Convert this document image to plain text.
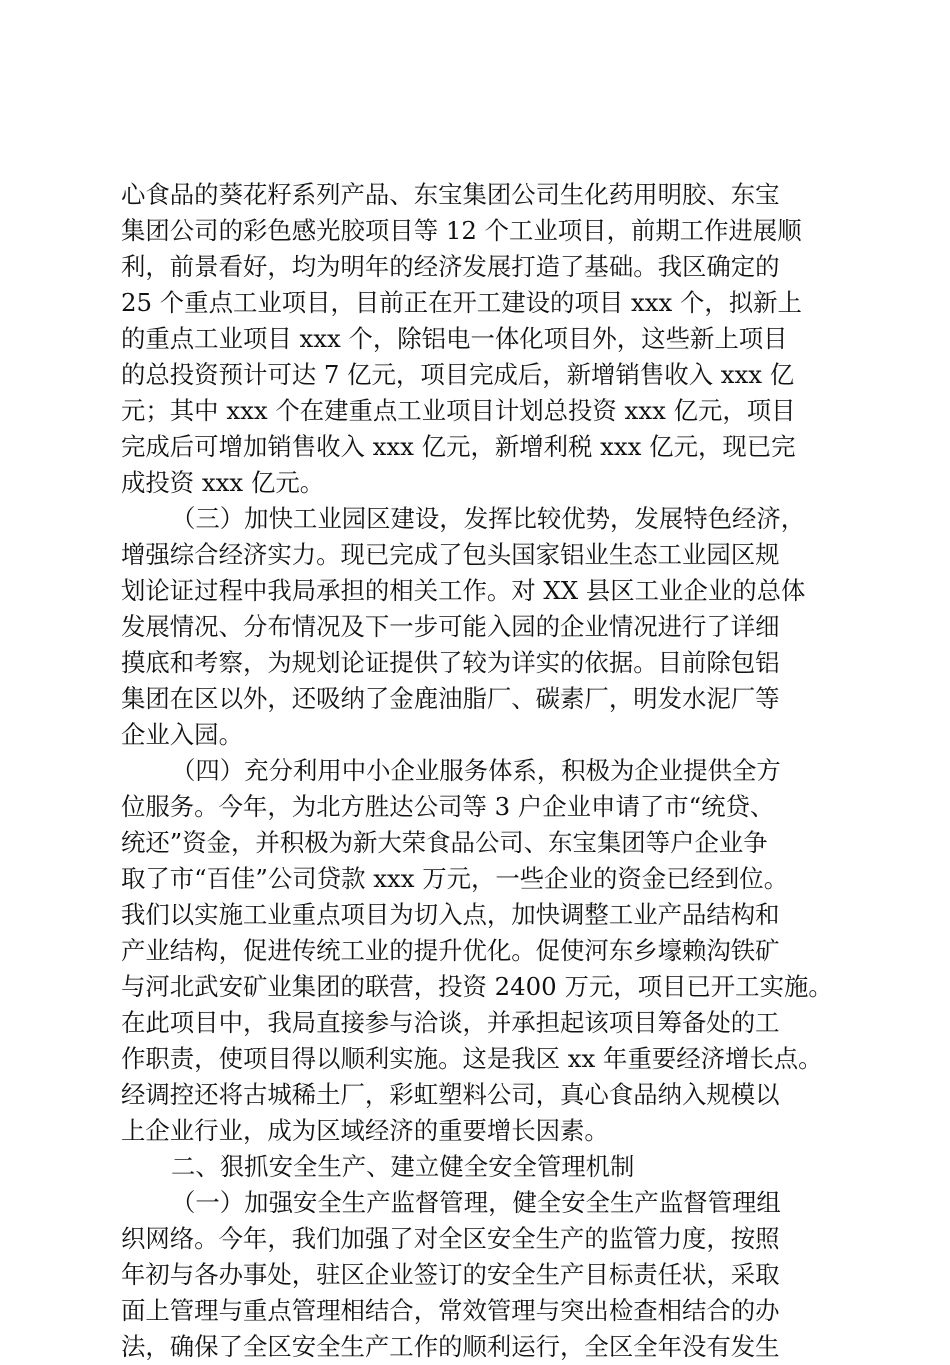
心食品的葵花籽系列产品、东宝集团公司生化药用明胶、东宝
集团公司的彩色感光胶项目等 12 个工业项目，前期工作进展顺
利，前景看好，均为明年的经济发展打造了基础。我区确定的
25 个重点工业项目，目前正在开工建设的项目 xxx 个，拟新上
的重点工业项目 xxx 个，除铝电一体化项目外，这些新上项目
的总投资预计可达 7 亿元，项目完成后，新增销售收入 xxx 亿
元；其中 xxx 个在建重点工业项目计划总投资 xxx 亿元，项目
完成后可增加销售收入 xxx 亿元，新增利税 xxx 亿元，现已完
成投资 xxx 亿元。
（三）加快工业园区建设，发挥比较优势，发展特色经济，
增强综合经济实力。现已完成了包头国家铝业生态工业园区规
划论证过程中我局承担的相关工作。对 XX 县区工业企业的总体
发展情况、分布情况及下一步可能入园的企业情况进行了详细
摸底和考察，为规划论证提供了较为详实的依据。目前除包铝
集团在区以外，还吸纳了金鹿油脂厂、碳素厂，明发水泥厂等
企业入园。
（四）充分利用中小企业服务体系，积极为企业提供全方
位服务。今年，为北方胜达公司等 3 户企业申请了市“统贷、
统还”资金，并积极为新大荣食品公司、东宝集团等户企业争
取了市“百佳”公司贷款 xxx 万元，一些企业的资金已经到位。
我们以实施工业重点项目为切入点，加快调整工业产品结构和
产业结构，促进传统工业的提升优化。促使河东乡壕赖沟铁矿
与河北武安矿业集团的联营，投资 2400 万元，项目已开工实施。
在此项目中，我局直接参与洽谈，并承担起该项目筹备处的工
作职责，使项目得以顺利实施。这是我区 xx 年重要经济增长点。
经调控还将古城稀土厂，彩虹塑料公司，真心食品纳入规模以
上企业行业，成为区域经济的重要增长因素。
二、狠抓安全生产、建立健全安全管理机制
（一）加强安全生产监督管理，健全安全生产监督管理组
织网络。今年，我们加强了对全区安全生产的监管力度，按照
年初与各办事处，驻区企业签订的安全生产目标责任状，采取
面上管理与重点管理相结合，常效管理与突出检查相结合的办
法，确保了全区安全生产工作的顺利运行，全区全年没有发生
